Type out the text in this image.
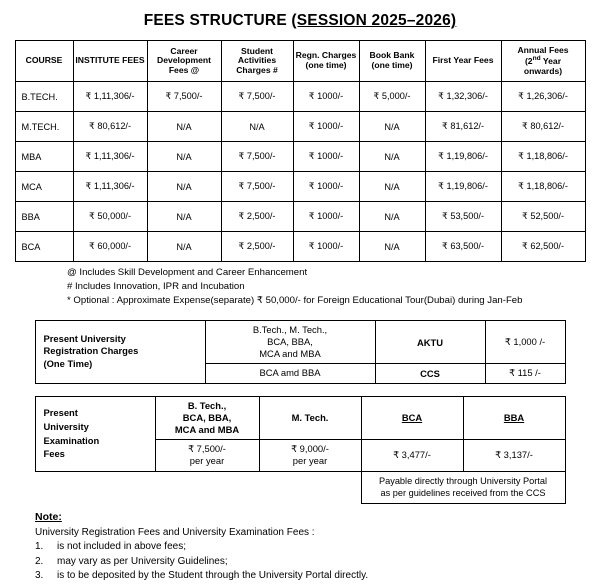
FEES STRUCTURE (SESSION 2025–2026)
COURSE	INSTITUTE FEES	Career Development Fees @	Student Activities Charges #	Regn. Charges (one time)	Book Bank (one time)	First Year Fees	Annual Fees
(2nd Year
onwards)
B.TECH.	₹ 1,11,306/-	₹ 7,500/-	₹ 7,500/-	₹ 1000/-	₹ 5,000/-	₹ 1,32,306/-	₹ 1,26,306/-
M.TECH.	₹ 80,612/-	N/A	N/A	₹ 1000/-	N/A	₹ 81,612/-	₹ 80,612/-
MBA	₹ 1,11,306/-	N/A	₹ 7,500/-	₹ 1000/-	N/A	₹ 1,19,806/-	₹ 1,18,806/-
MCA	₹ 1,11,306/-	N/A	₹ 7,500/-	₹ 1000/-	N/A	₹ 1,19,806/-	₹ 1,18,806/-
BBA	₹ 50,000/-	N/A	₹ 2,500/-	₹ 1000/-	N/A	₹ 53,500/-	₹ 52,500/-
BCA	₹ 60,000/-	N/A	₹ 2,500/-	₹ 1000/-	N/A	₹ 63,500/-	₹ 62,500/-
@ Includes Skill Development and Career Enhancement
# Includes Innovation, IPR and Incubation
* Optional : Approximate Expense(separate) ₹ 50,000/- for Foreign Educational Tour(Dubai) during Jan-Feb
Present University
Registration Charges
(One Time)	B.Tech., M. Tech.,
BCA, BBA,
MCA and MBA	AKTU	₹ 1,000 /-
	BCA amd BBA	CCS	₹ 115 /-
Present
University
Examination
Fees	B. Tech.,
BCA, BBA,
MCA and MBA	M. Tech.	BCA	BBA
	₹ 7,500/-
per year	₹ 9,000/-
per year	₹ 3,477/-	₹ 3,137/-
			Payable directly through University Portal
as per guidelines received from the CCS	
Note:
University Registration Fees and University Examination Fees :
1.	is not included in above fees;
2.	may vary as per University Guidelines;
3.	is to be deposited by the Student through the University Portal directly.
